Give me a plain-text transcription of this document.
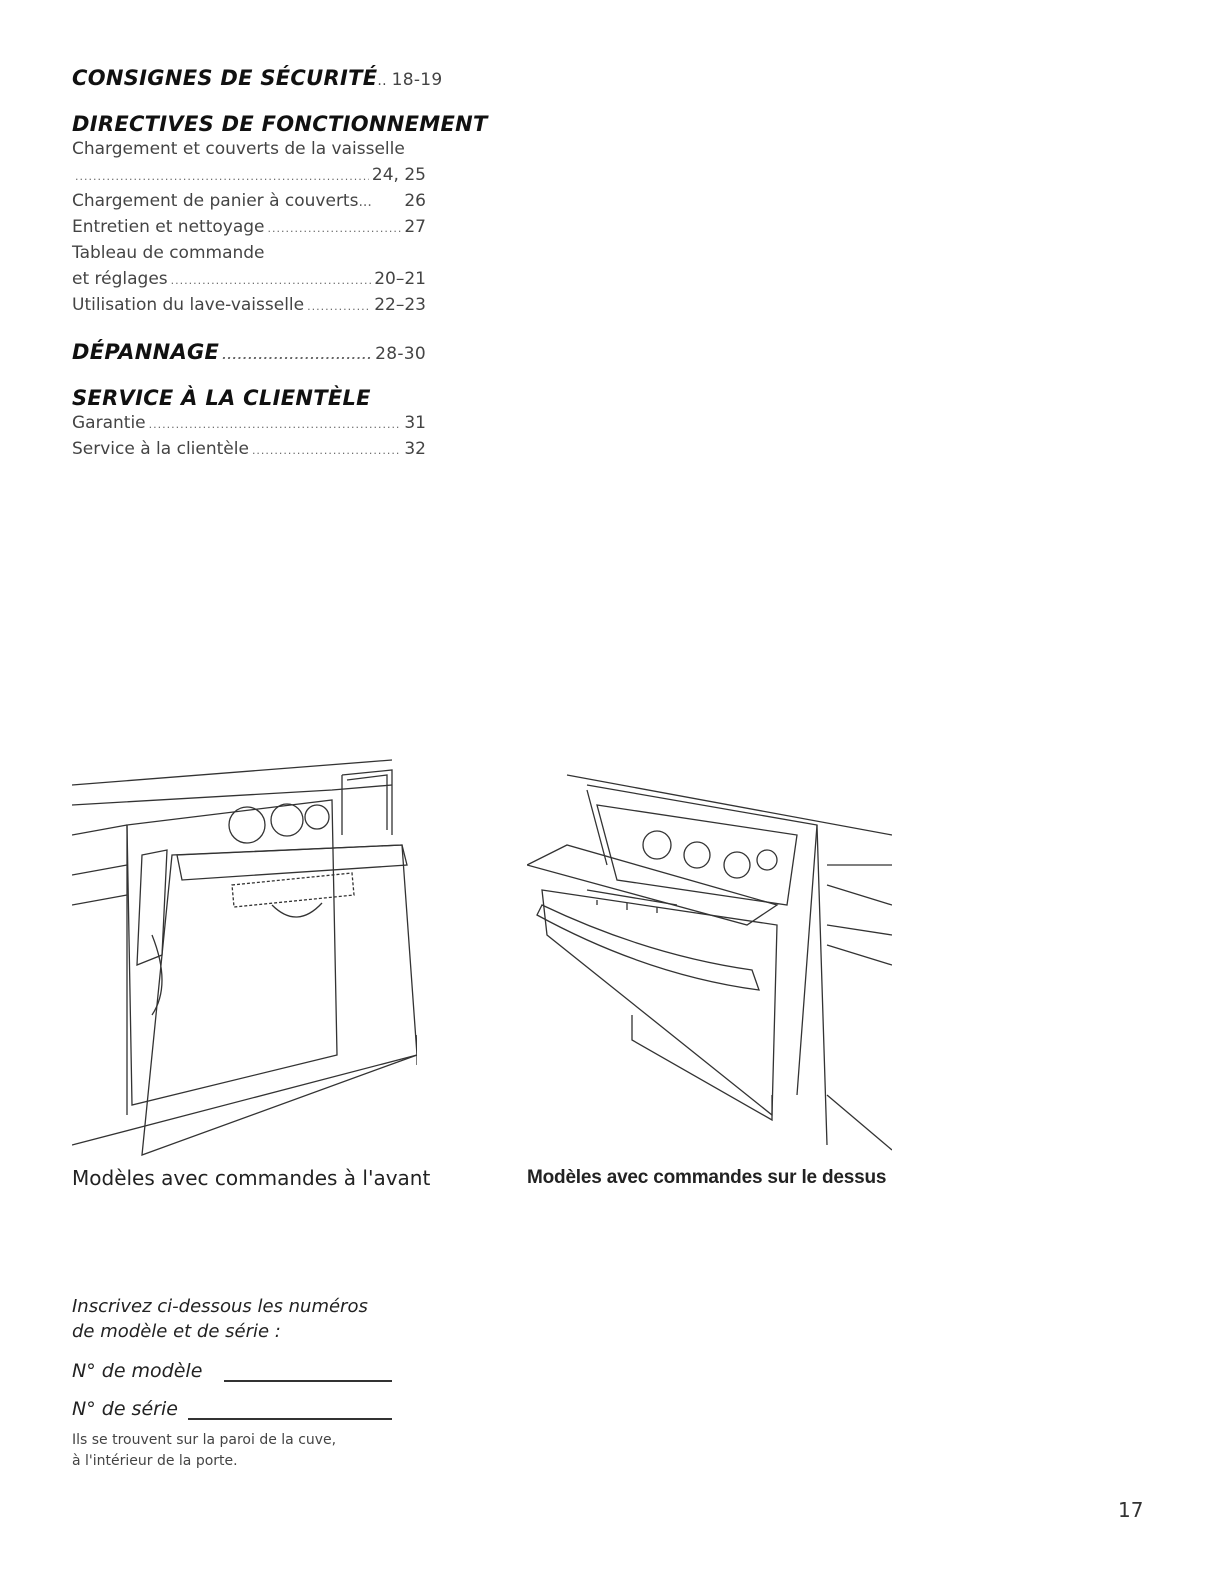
CONSIGNES DE SÉCURITÉ .. 18-19
DIRECTIVES DE FONCTIONNEMENT
Chargement et couverts de la vaisselle
.....
24, 25
Chargement de panier à couverts ... 26
Entretien et nettoyage .....	27
Tableau de commande
et réglages .....	20–21
Utilisation du lave-vaisselle .....	22–23
DÉPANNAGE .....	28-30
SERVICE À LA CLIENTÈLE
Garantie .....	31
Service à la clientèle .....	32
Modèles avec commandes à l'avant	Modèles avec commandes sur le dessus
Inscrivez ci-dessous les numéros
de modèle et de série :
N° de modèle
N° de série
Ils se trouvent sur la paroi de la cuve,
à l'intérieur de la porte.
17
